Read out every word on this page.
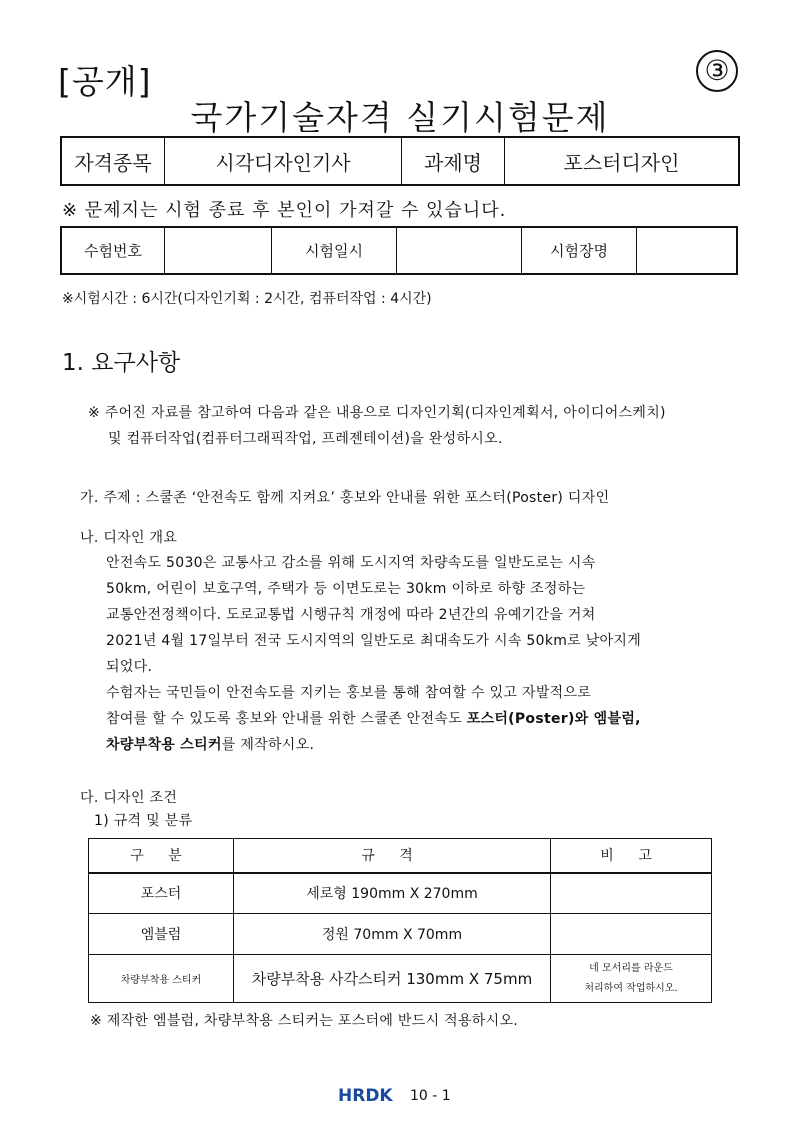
[공개]	③
국가기술자격 실기시험문제
자격종목	시각디자인기사	과제명	포스터디자인
※ 문제지는 시험 종료 후 본인이 가져갈 수 있습니다.
수험번호		시험일시		시험장명	
※시험시간 : 6시간(디자인기획 : 2시간, 컴퓨터작업 : 4시간)
1. 요구사항
※ 주어진 자료를 참고하여 다음과 같은 내용으로 디자인기획(디자인계획서, 아이디어스케치)
및 컴퓨터작업(컴퓨터그래픽작업, 프레젠테이션)을 완성하시오.
가. 주제 : 스쿨존 ‘안전속도 함께 지켜요’ 홍보와 안내를 위한 포스터(Poster) 디자인
나. 디자인 개요
안전속도 5030은 교통사고 감소를 위해 도시지역 차량속도를 일반도로는 시속
50km, 어린이 보호구역, 주택가 등 이면도로는 30km 이하로 하향 조정하는
교통안전정책이다. 도로교통법 시행규칙 개정에 따라 2년간의 유예기간을 거쳐
2021년 4월 17일부터 전국 도시지역의 일반도로 최대속도가 시속 50km로 낮아지게
되었다.
수험자는 국민들이 안전속도를 지키는 홍보를 통해 참여할 수 있고 자발적으로
참여를 할 수 있도록 홍보와 안내를 위한 스쿨존 안전속도 포스터(Poster)와 엠블럼,
차량부착용 스티커를 제작하시오.
다. 디자인 조건
1) 규격 및 분류
구 분	규 격	비 고
포스터	세로형 190mm X 270mm	
엠블럼	정원 70mm X 70mm	
차량부착용 스티커	차량부착용 사각스티커 130mm X 75mm	네 모서리를 라운드
처리하여 작업하시오.
※ 제작한 엠블럼, 차량부착용 스티커는 포스터에 반드시 적용하시오.
HRDK 10 - 1
